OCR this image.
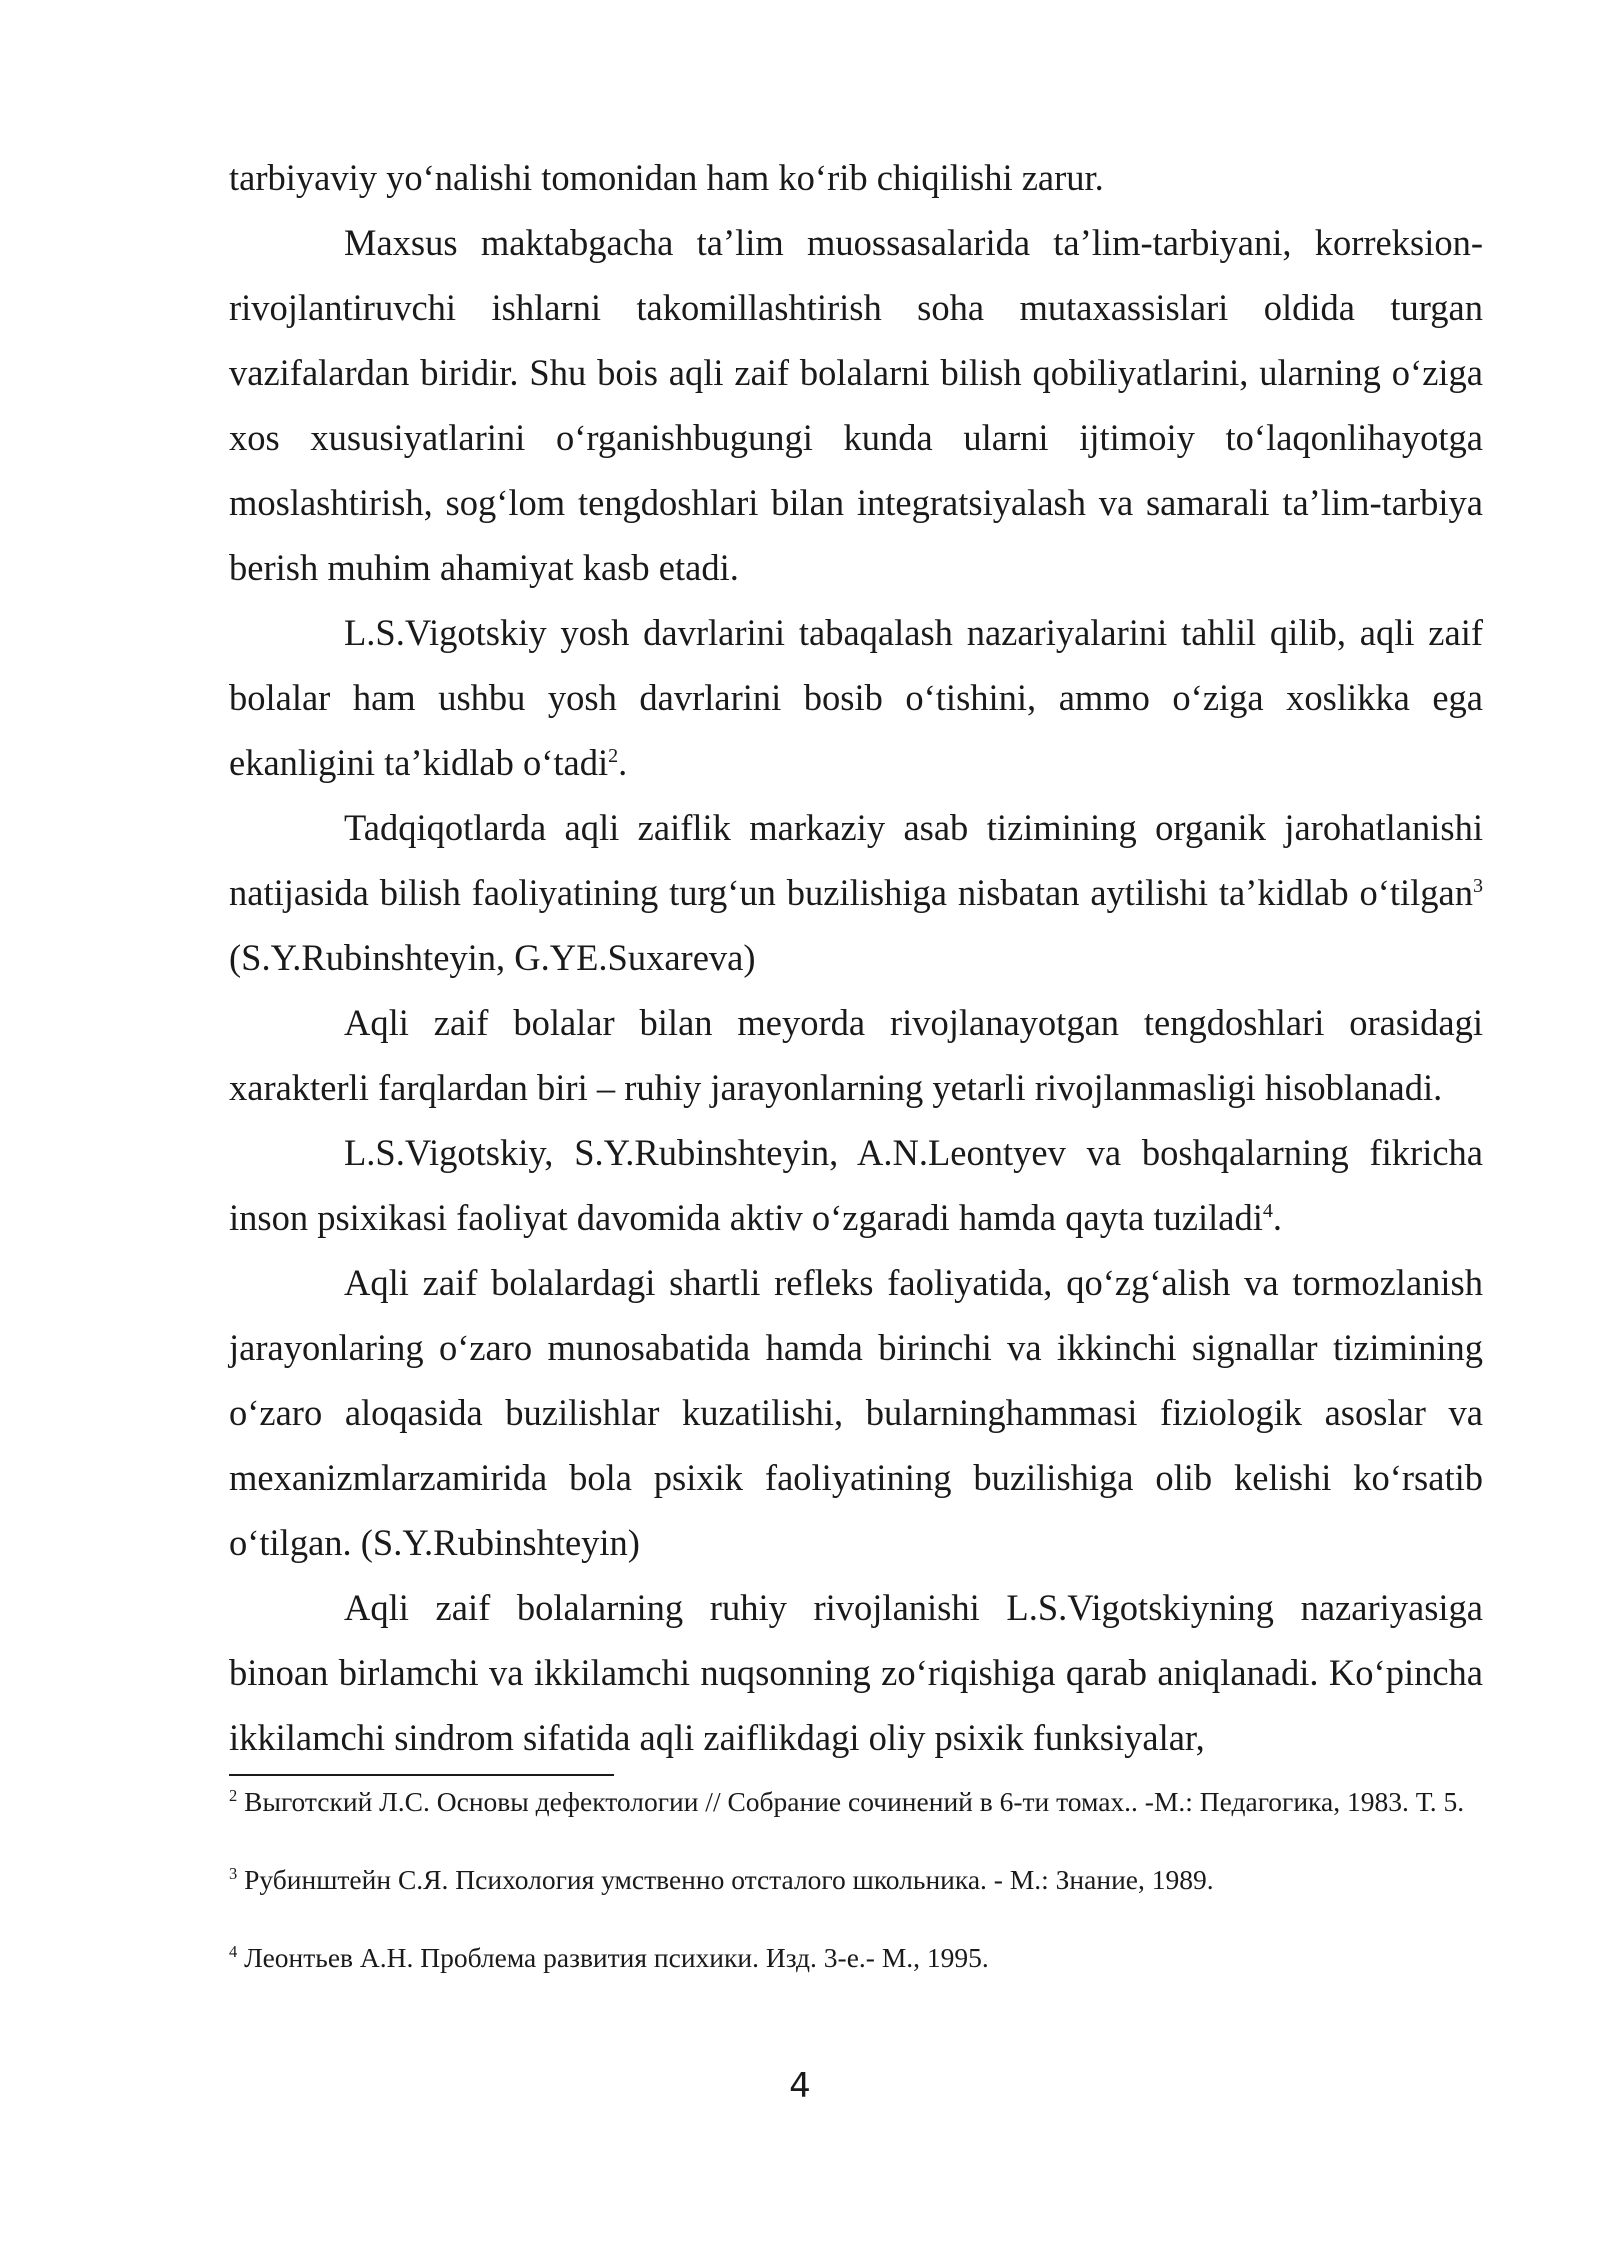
tarbiyaviy yo‘nalishi tomonidan ham ko‘rib chiqilishi zarur.

Maxsus maktabgacha ta’lim muossasalarida ta’lim-tarbiyani, korreksion-rivojlantiruvchi ishlarni takomillashtirish soha mutaxassislari oldida turgan vazifalardan biridir. Shu bois aqli zaif bolalarni bilish qobiliyatlarini, ularning o‘ziga xos xususiyatlarini o‘rganishbugungi kunda ularni ijtimoiy to‘laqonlihayotga moslashtirish, sog‘lom tengdoshlari bilan integratsiyalash va samarali ta’lim-tarbiya berish muhim ahamiyat kasb etadi.

L.S.Vigotskiy yosh davrlarini tabaqalash nazariyalarini tahlil qilib, aqli zaif bolalar ham ushbu yosh davrlarini bosib o‘tishini, ammo o‘ziga xoslikka ega ekanligini ta’kidlab o‘tadi$^2$.

Tadqiqotlarda aqli zaiflik markaziy asab tizimining organik jarohatlanishi natijasida bilish faoliyatining turg‘un buzilishiga nisbatan aytilishi ta’kidlab o‘tilgan$^3$ (S.Y.Rubinshteyin, G.YE.Suxareva)

Aqli zaif bolalar bilan meyorda rivojlanayotgan tengdoshlari orasidagi xarakterli farqlardan biri – ruhiy jarayonlarning yetarli rivojlanmasligi hisoblanadi.

L.S.Vigotskiy, S.Y.Rubinshteyin, A.N.Leontyev va boshqalarning fikricha inson psixikasi faoliyat davomida aktiv o‘zgaradi hamda qayta tuziladi$^4$.

Aqli zaif bolalardagi shartli refleks faoliyatida, qo‘zg‘alish va tormozlanish jarayonlaring o‘zaro munosabatida hamda birinchi va ikkinchi signallar tizimining o‘zaro aloqasida buzilishlar kuzatilishi, bularninghammasi fiziologik asoslar va mexanizmlarzamirida bola psixik faoliyatining buzilishiga olib kelishi ko‘rsatib o‘tilgan. (S.Y.Rubinshteyin)

Aqli zaif bolalarning ruhiy rivojlanishi L.S.Vigotskiyning nazariyasiga binoan birlamchi va ikkilamchi nuqsonning zo‘riqishiga qarab aniqlanadi. Ko‘pincha ikkilamchi sindrom sifatida aqli zaiflikdagi oliy psixik funksiyalar,

$^2$ Выготский Л.С. Основы дефектологии // Собрание сочинений в 6-ти томах.. -М.: Педагогика, 1983. Т. 5.

$^3$ Рубинштейн С.Я. Психология умственно отсталого школьника. - М.: Знание, 1989.

$^4$ Леонтьев А.Н. Проблема развития психики. Изд. 3-е.- М., 1995.

4
